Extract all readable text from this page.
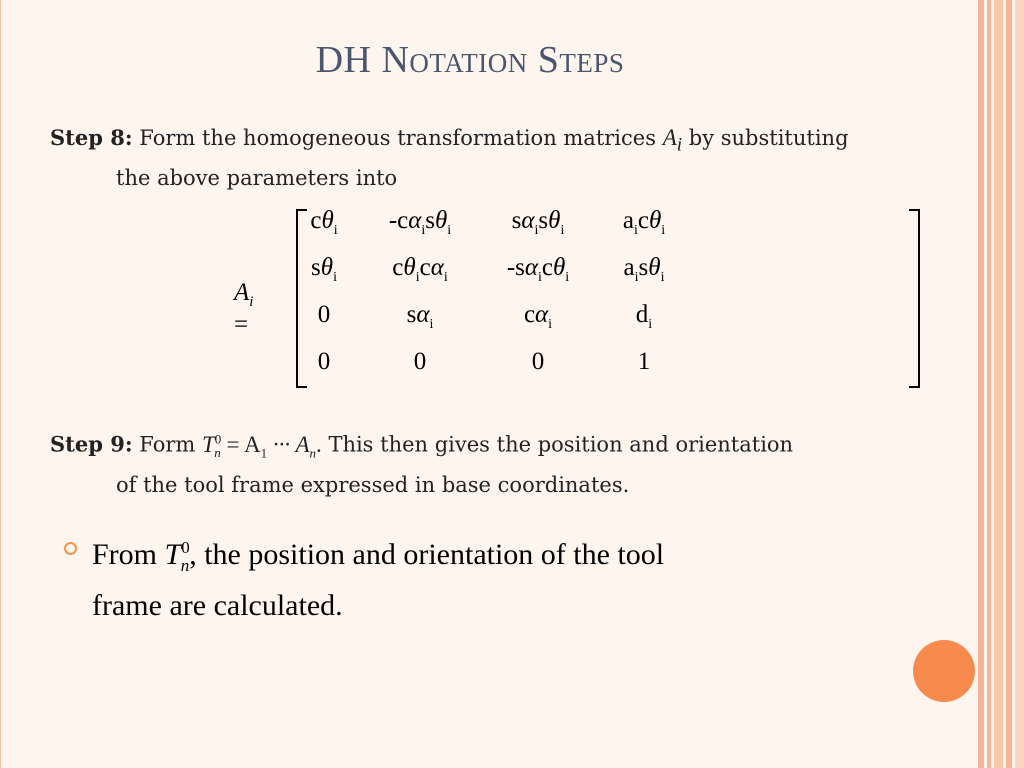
DH Notation Steps
Step 8: Form the homogeneous transformation matrices $A_i$ by substituting
the above parameters into
$A_i$ =
$c\theta_i$	$-c\alpha_is\theta_i$	$s\alpha_is\theta_i$	$a_ic\theta_i$
$s\theta_i$	$c\theta_ic\alpha_i$	$-s\alpha_ic\theta_i$	$a_is\theta_i$
0	$s\alpha_i$	$c\alpha_i$	$d_i$
0	0	0	1
Step 9: Form $T^0_n = A_1$ ··· $A_n$. This then gives the position and orientation
of the tool frame expressed in base coordinates.
From $T^0_n$, the position and orientation of the tool
frame are calculated.
